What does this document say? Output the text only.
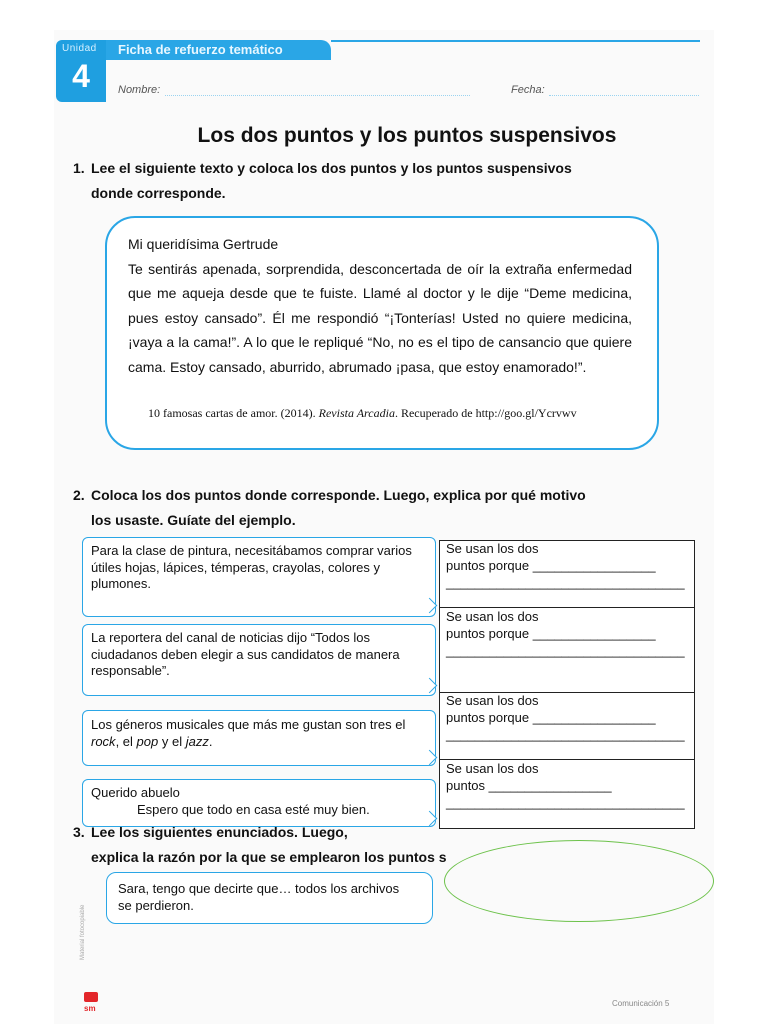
Unidad
4
Ficha de refuerzo temático
Nombre:	Fecha:
Los dos puntos y los puntos suspensivos
1. Lee el siguiente texto y coloca los dos puntos y los puntos suspensivos
donde corresponde.
Mi queridísima Gertrude
Te sentirás apenada, sorprendida, desconcertada de oír la extraña enfermedad que me aqueja desde que te fuiste. Llamé al doctor y le dije “Deme medicina, pues estoy cansado”. Él me respondió “¡Tonterías! Usted no quiere medicina, ¡vaya a la cama!”. A lo que le repliqué “No, no es el tipo de cansancio que quiere cama. Estoy cansado, aburrido, abrumado ¡pasa, que estoy enamorado!”.
10 famosas cartas de amor. (2014). Revista Arcadia. Recuperado de http://goo.gl/Ycrvwv
2. Coloca los dos puntos donde corresponde. Luego, explica por qué motivo
los usaste. Guíate del ejemplo.
Para la clase de pintura, necesitábamos comprar varios útiles hojas, lápices, témperas, crayolas, colores y plumones.
La reportera del canal de noticias dijo “Todos los ciudadanos deben elegir a sus candidatos de manera responsable”.
Los géneros musicales que más me gustan son tres el rock, el pop y el jazz.
Querido abuelo
Espero que todo en casa esté muy bien.
Se usan los dos
puntos porque _________________
_________________________________
Se usan los dos
puntos porque _________________
_________________________________
Se usan los dos
puntos porque _________________
_________________________________
Se usan los dos
puntos _________________
_________________________________
3. Lee los siguientes enunciados. Luego,
explica la razón por la que se emplearon los puntos s
Sara, tengo que decirte que… todos los archivos se perdieron.
Material fotocopiable
sm
Comunicación 5
